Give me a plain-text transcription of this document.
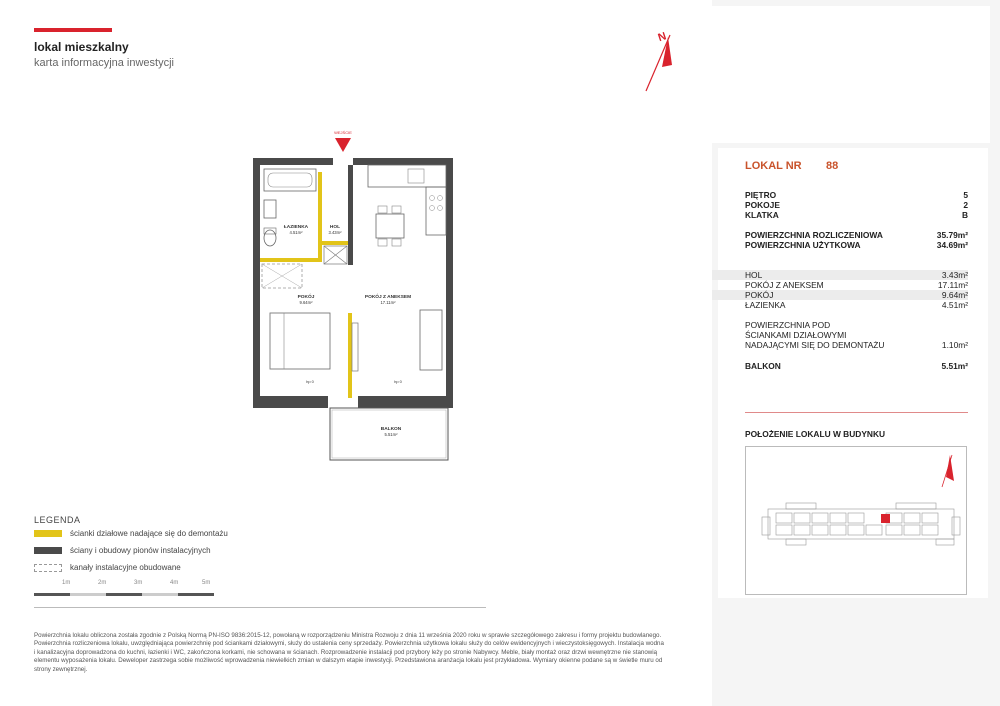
lokal mieszkalny
karta informacyjna inwestycji
N
WEJŚCIE
ŁAZIENKA
4.51m²
HOL
3.43m²
POKÓJ
9.64m²
POKÓJ Z ANEKSEM
17.11m²
BALKON
5.51m²
hp 0	hp 0
LEGENDA
ścianki działowe nadające się do demontażu
ściany i obudowy pionów instalacyjnych
kanały instalacyjne obudowane
1m	2m	3m	4m	5m
Powierzchnia lokalu obliczona została zgodnie z Polską Normą PN-ISO 9836:2015-12, powołaną w rozporządzeniu Ministra Rozwoju z dnia 11 września 2020 roku w sprawie szczegółowego zakresu i formy projektu budowlanego. Powierzchnia rozliczeniowa lokalu, uwzględniająca powierzchnię pod ściankami działowymi, służy do ustalenia ceny sprzedaży. Powierzchnia użytkowa lokalu służy do celów ewidencyjnych i wieczystoksięgowych. Instalacja wodna i kanalizacyjna doprowadzona do kuchni, łazienki i WC, zakończona korkami, nie schowana w ścianach. Rozprowadzenie instalacji pod przybory leży po stronie Nabywcy. Meble, biały montaż oraz drzwi wewnętrzne nie stanowią elementu wyposażenia lokalu. Deweloper zastrzega sobie możliwość wprowadzenia niewielkich zmian w dalszym etapie inwestycji. Przedstawiona aranżacja lokalu jest przykładowa. Wymiary okienne podane są w świetle muru od strony zewnętrznej.
LOKAL NR 88
PIĘTRO	5
POKOJE	2
KLATKA	B
POWIERZCHNIA ROZLICZENIOWA	35.79m²
POWIERZCHNIA UŻYTKOWA	34.69m²
HOL	3.43m²
POKÓJ Z ANEKSEM	17.11m²
POKÓJ	9.64m²
ŁAZIENKA	4.51m²
POWIERZCHNIA POD
ŚCIANKAMI DZIAŁOWYMI
NADAJĄCYMI SIĘ DO DEMONTAŻU	1.10m²
BALKON	5.51m²
POŁOŻENIE LOKALU W BUDYNKU
